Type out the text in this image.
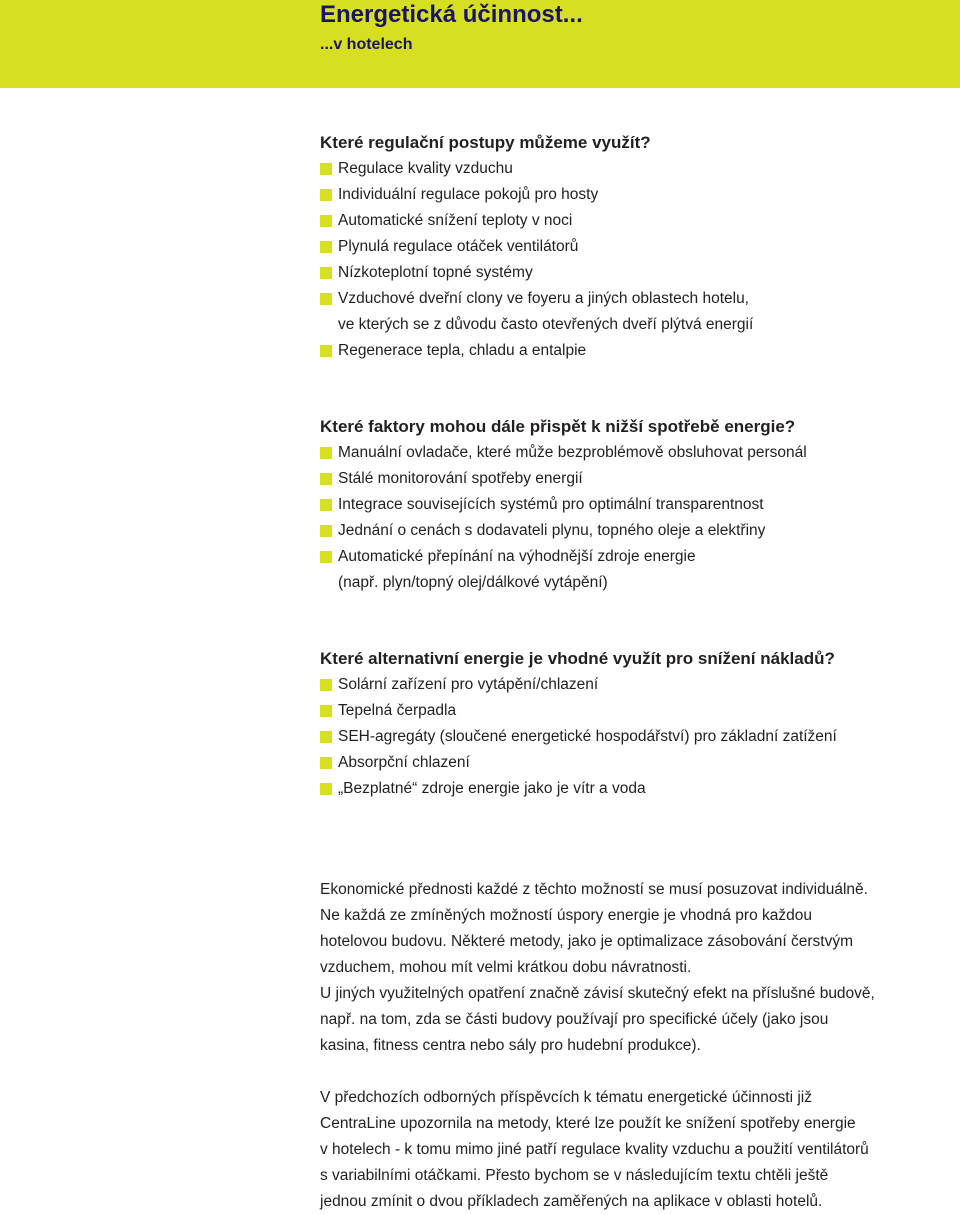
Energetická účinnost...
...v hotelech
Které regulační postupy můžeme využít?
Regulace kvality vzduchu
Individuální regulace pokojů pro hosty
Automatické snížení teploty v noci
Plynulá regulace otáček ventilátorů
Nízkoteplotní topné systémy
Vzduchové dveřní clony ve foyeru a jiných oblastech hotelu,
ve kterých se z důvodu často otevřených dveří plýtvá energií
Regenerace tepla, chladu a entalpie
Které faktory mohou dále přispět k nižší spotřebě energie?
Manuální ovladače, které může bezproblémově obsluhovat personál
Stálé monitorování spotřeby energií
Integrace souvisejících systémů pro optimální transparentnost
Jednání o cenách s dodavateli plynu, topného oleje a elektřiny
Automatické přepínání na výhodnější zdroje energie
(např. plyn/topný olej/dálkové vytápění)
Které alternativní energie je vhodné využít pro snížení nákladů?
Solární zařízení pro vytápění/chlazení
Tepelná čerpadla
SEH-agregáty (sloučené energetické hospodářství) pro základní zatížení
Absorpční chlazení
„Bezplatné“ zdroje energie jako je vítr a voda
Ekonomické přednosti každé z těchto možností se musí posuzovat individuálně.
Ne každá ze zmíněných možností úspory energie je vhodná pro každou
hotelovou budovu. Některé metody, jako je optimalizace zásobování čerstvým
vzduchem, mohou mít velmi krátkou dobu návratnosti.
U jiných využitelných opatření značně závisí skutečný efekt na příslušné budově,
např. na tom, zda se části budovy používají pro specifické účely (jako jsou
kasina, fitness centra nebo sály pro hudební produkce).
V předchozích odborných příspěvcích k tématu energetické účinnosti již
CentraLine upozornila na metody, které lze použít ke snížení spotřeby energie
v hotelech - k tomu mimo jiné patří regulace kvality vzduchu a použití ventilátorů
s variabilními otáčkami. Přesto bychom se v následujícím textu chtěli ještě
jednou zmínit o dvou příkladech zaměřených na aplikace v oblasti hotelů.
